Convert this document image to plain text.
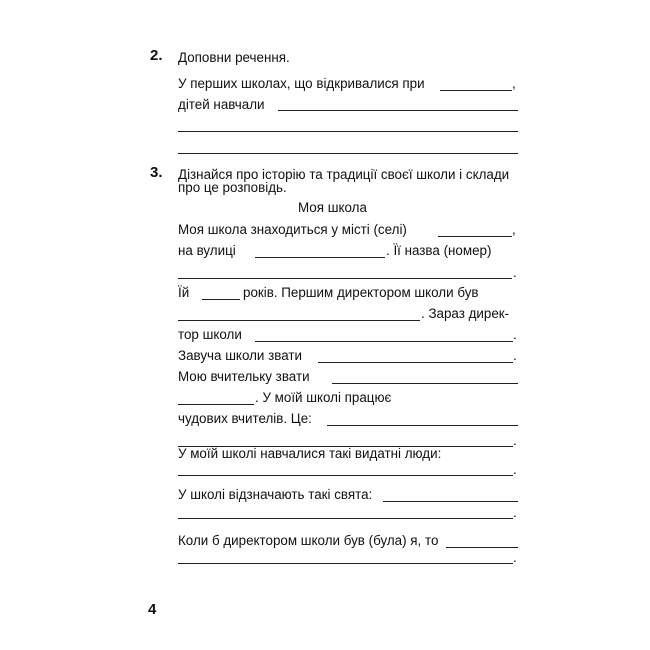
2. Доповни речення.
У перших школах, що відкривалися при	,
дітей навчали
3. Дізнайся про історію та традиції своєї школи і склади
про це розповідь.
Моя школа
Моя школа знаходиться у місті (селі)	,
на вулиці	. Її назва (номер)
.
Їй	років. Першим директором школи був
. Зараз дирек-
тор школи	.
Завуча школи звати	.
Мою вчительку звати
. У моїй школі працює
чудових вчителів. Це:
.
У моїй школі навчалися такі видатні люди:
.
У школі відзначають такі свята:
.
Коли б директором школи був (була) я, то
.
4
